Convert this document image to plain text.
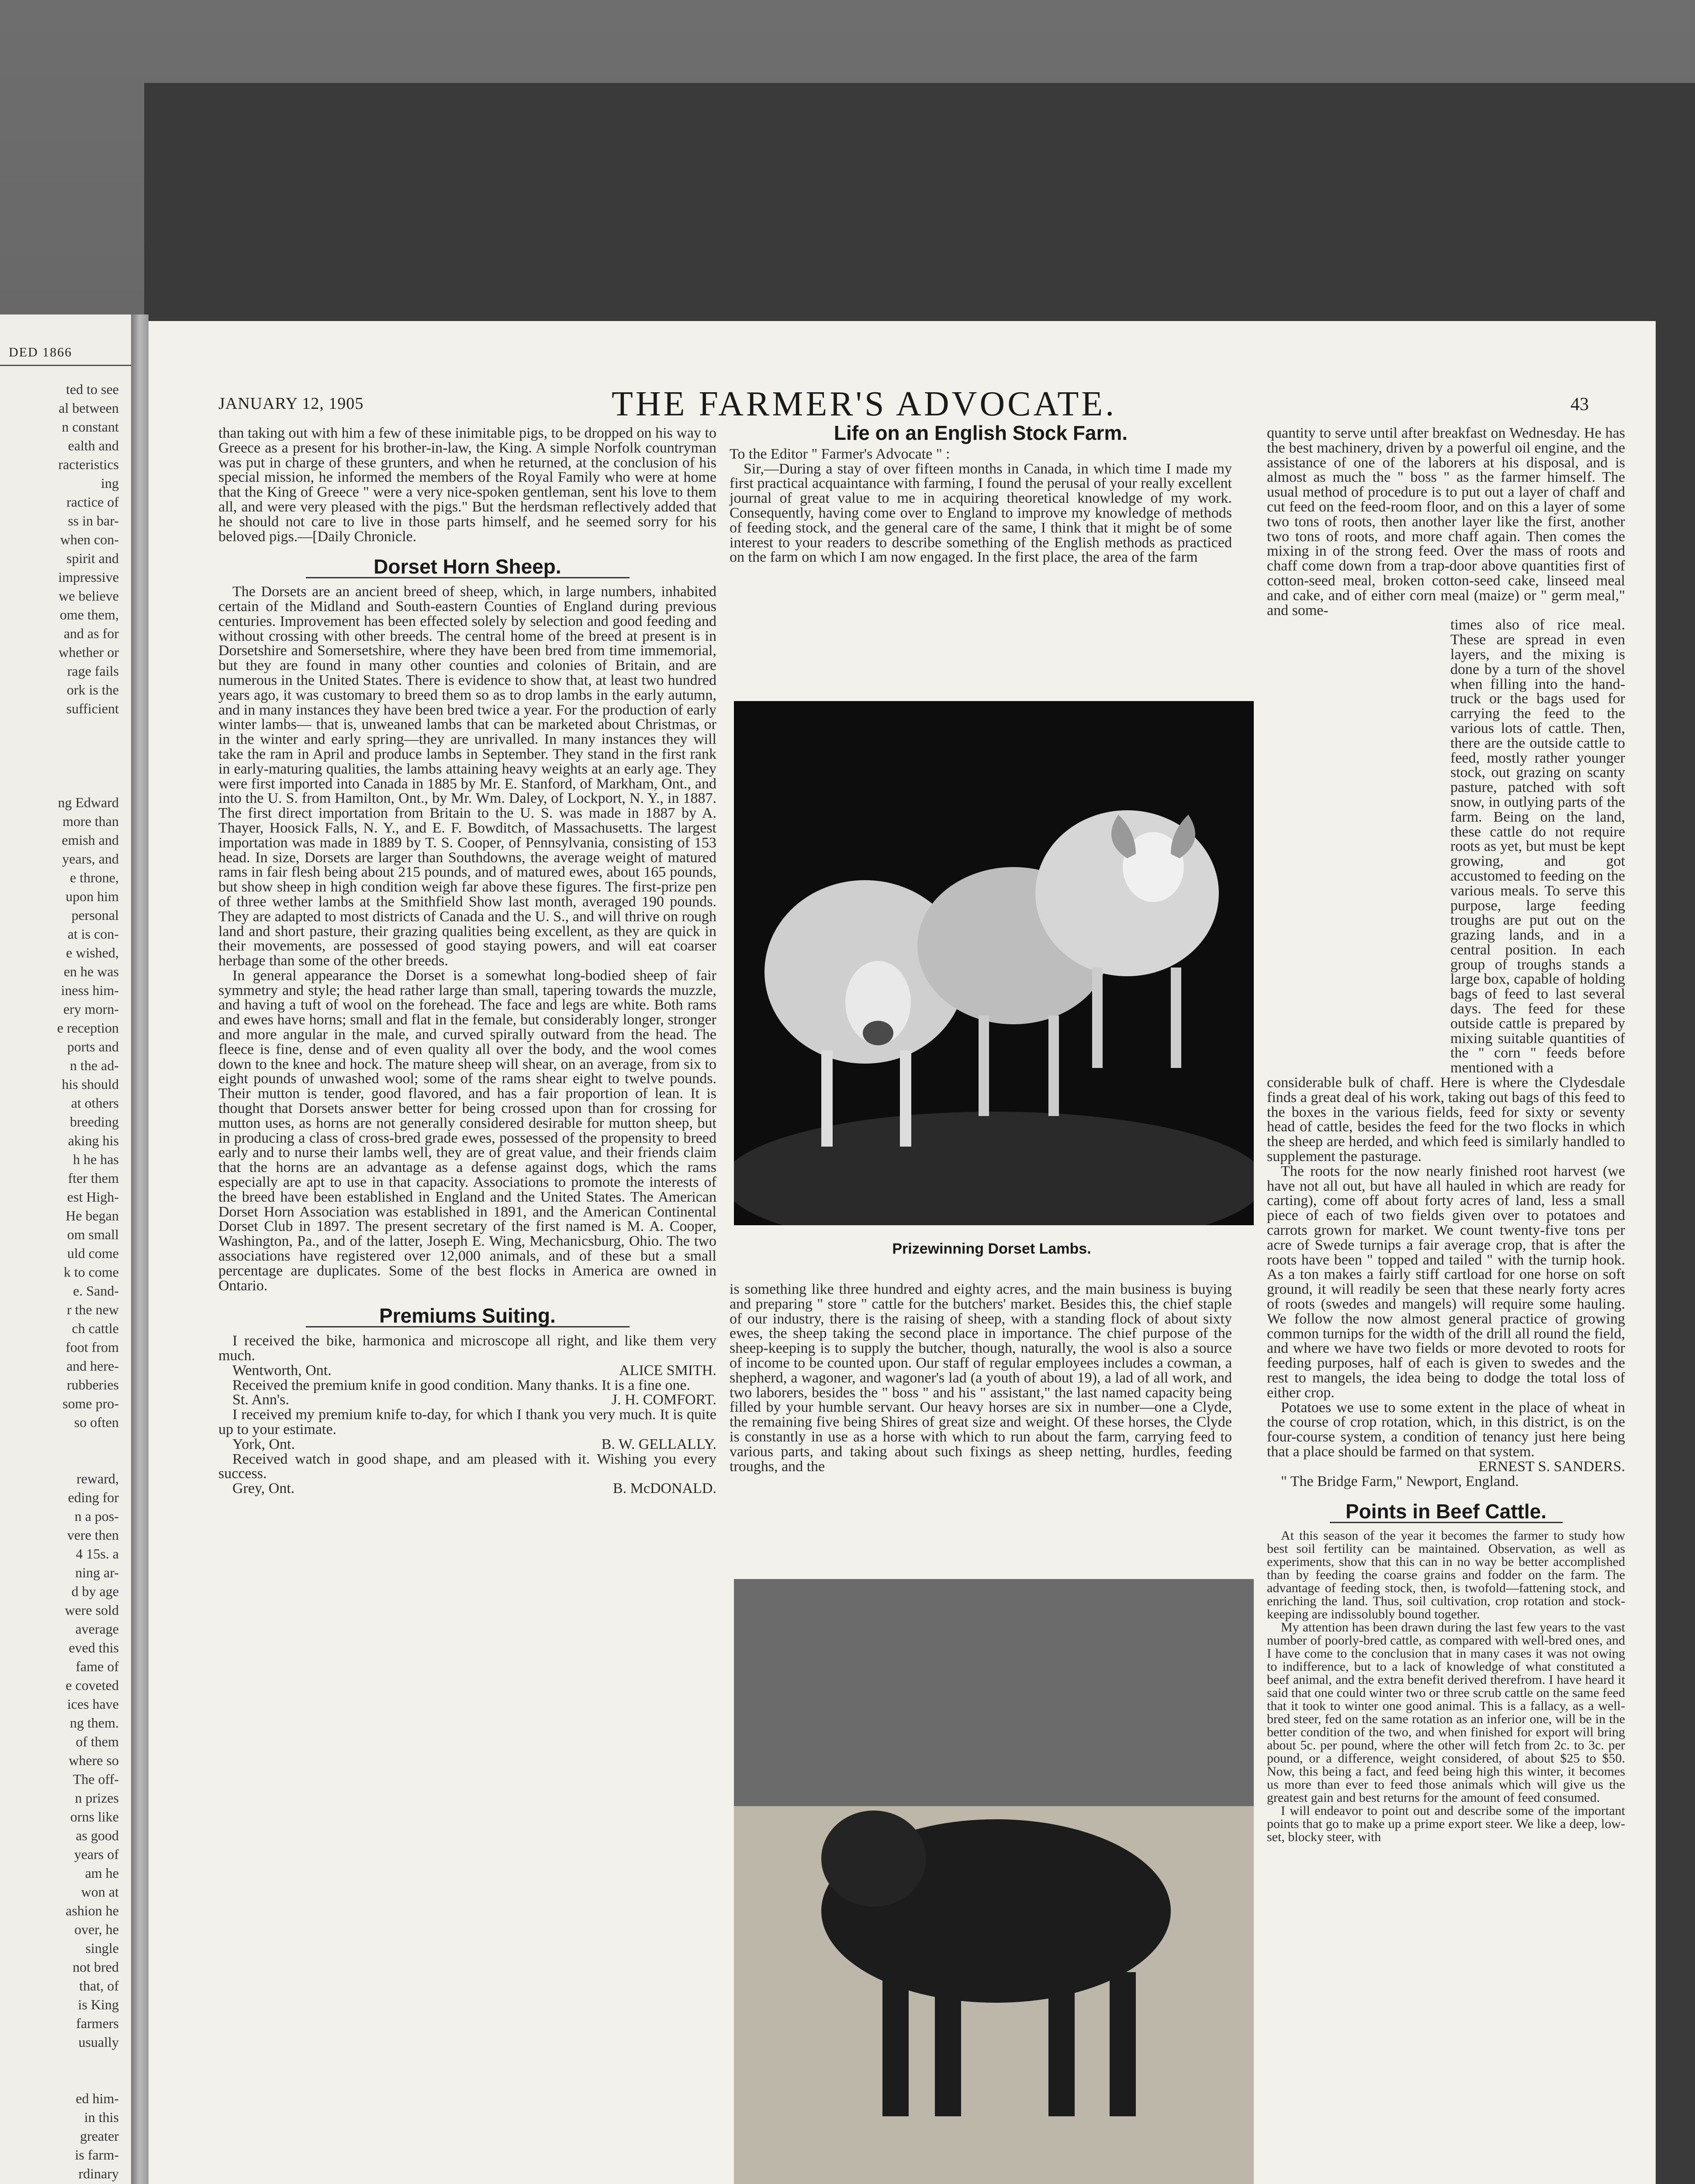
DED 1866
ted to see
al between
n constant
ealth and
racteristics
ing
ractice of
ss in bar-
when con-
spirit and
impressive
we believe
ome them,
and as for
whether or
rage fails
ork is the
sufficient

ng Edward
more than
emish and
years, and
e throne,
upon him
personal
at is con-
e wished,
en he was
iness him-
ery morn-
e reception
ports and
n the ad-
his should
at others
breeding
aking his
h he has
fter them
est High-
He began
om small
uld come
k to come
e. Sand-
r the new
ch cattle
foot from
and here-
rubberies
some pro-
so often

reward,
eding for
n a pos-
vere then
4 15s. a
ning ar-
d by age
were sold
average
eved this
fame of
e coveted
ices have
ng them.
of them
where so
The off-
n prizes
orns like
as good
years of
am he
won at
ashion he
over, he
single
not bred
that, of
is King
farmers
usually

ed him-
in this
greater
is farm-
rdinary

JANUARY 12, 1905	THE FARMER'S ADVOCATE.	43

than taking out with him a few of these inimitable pigs, to be dropped on his way to Greece as a present for his brother-in-law, the King. A simple Norfolk countryman was put in charge of these grunters, and when he returned, at the conclusion of his special mission, he informed the members of the Royal Family who were at home that the King of Greece " were a very nice-spoken gentleman, sent his love to them all, and were very pleased with the pigs." But the herdsman reflectively added that he should not care to live in those parts himself, and he seemed sorry for his beloved pigs.—[Daily Chronicle.

Dorset Horn Sheep.

The Dorsets are an ancient breed of sheep, which, in large numbers, inhabited certain of the Midland and South-eastern Counties of England during previous centuries. Improvement has been effected solely by selection and good feeding and without crossing with other breeds. The central home of the breed at present is in Dorsetshire and Somersetshire, where they have been bred from time immemorial, but they are found in many other counties and colonies of Britain, and are numerous in the United States. There is evidence to show that, at least two hundred years ago, it was customary to breed them so as to drop lambs in the early autumn, and in many instances they have been bred twice a year. For the production of early winter lambs— that is, unweaned lambs that can be marketed about Christmas, or in the winter and early spring—they are unrivalled. In many instances they will take the ram in April and produce lambs in September. They stand in the first rank in early-maturing qualities, the lambs attaining heavy weights at an early age. They were first imported into Canada in 1885 by Mr. E. Stanford, of Markham, Ont., and into the U. S. from Hamilton, Ont., by Mr. Wm. Daley, of Lockport, N. Y., in 1887. The first direct importation from Britain to the U. S. was made in 1887 by A. Thayer, Hoosick Falls, N. Y., and E. F. Bowditch, of Massachusetts. The largest importation was made in 1889 by T. S. Cooper, of Pennsylvania, consisting of 153 head. In size, Dorsets are larger than Southdowns, the average weight of matured rams in fair flesh being about 215 pounds, and of matured ewes, about 165 pounds, but show sheep in high condition weigh far above these figures. The first-prize pen of three wether lambs at the Smithfield Show last month, averaged 190 pounds. They are adapted to most districts of Canada and the U. S., and will thrive on rough land and short pasture, their grazing qualities being excellent, as they are quick in their movements, are possessed of good staying powers, and will eat coarser herbage than some of the other breeds.

In general appearance the Dorset is a somewhat long-bodied sheep of fair symmetry and style; the head rather large than small, tapering towards the muzzle, and having a tuft of wool on the forehead. The face and legs are white. Both rams and ewes have horns; small and flat in the female, but considerably longer, stronger and more angular in the male, and curved spirally outward from the head. The fleece is fine, dense and of even quality all over the body, and the wool comes down to the knee and hock. The mature sheep will shear, on an average, from six to eight pounds of unwashed wool; some of the rams shear eight to twelve pounds. Their mutton is tender, good flavored, and has a fair proportion of lean. It is thought that Dorsets answer better for being crossed upon than for crossing for mutton uses, as horns are not generally considered desirable for mutton sheep, but in producing a class of cross-bred grade ewes, possessed of the propensity to breed early and to nurse their lambs well, they are of great value, and their friends claim that the horns are an advantage as a defense against dogs, which the rams especially are apt to use in that capacity. Associations to promote the interests of the breed have been established in England and the United States. The American Dorset Horn Association was established in 1891, and the American Continental Dorset Club in 1897. The present secretary of the first named is M. A. Cooper, Washington, Pa., and of the latter, Joseph E. Wing, Mechanicsburg, Ohio. The two associations have registered over 12,000 animals, and of these but a small percentage are duplicates. Some of the best flocks in America are owned in Ontario.

Premiums Suiting.

I received the bike, harmonica and microscope all right, and like them very much.

Wentworth, Ont.	ALICE SMITH.

Received the premium knife in good condition. Many thanks. It is a fine one.

St. Ann's.	J. H. COMFORT.

I received my premium knife to-day, for which I thank you very much. It is quite up to your estimate.

York, Ont.	B. W. GELLALLY.

Received watch in good shape, and am pleased with it. Wishing you every success.

Grey, Ont.	B. McDONALD.

Life on an English Stock Farm.

To the Editor " Farmer's Advocate " :

Sir,—During a stay of over fifteen months in Canada, in which time I made my first practical acquaintance with farming, I found the perusal of your really excellent journal of great value to me in acquiring theoretical knowledge of my work. Consequently, having come over to England to improve my knowledge of methods of feeding stock, and the general care of the same, I think that it might be of some interest to your readers to describe something of the English methods as practiced on the farm on which I am now engaged. In the first place, the area of the farm

Prizewinning Dorset Lambs.

is something like three hundred and eighty acres, and the main business is buying and preparing " store " cattle for the butchers' market. Besides this, the chief staple of our industry, there is the raising of sheep, with a standing flock of about sixty ewes, the sheep taking the second place in importance. The chief purpose of the sheep-keeping is to supply the butcher, though, naturally, the wool is also a source of income to be counted upon. Our staff of regular employees includes a cowman, a shepherd, a wagoner, and wagoner's lad (a youth of about 19), a lad of all work, and two laborers, besides the " boss " and his " assistant," the last named capacity being filled by your humble servant. Our heavy horses are six in number—one a Clyde, the remaining five being Shires of great size and weight. Of these horses, the Clyde is constantly in use as a horse with which to run about the farm, carrying feed to various parts, and taking about such fixings as sheep netting, hurdles, feeding troughs, and the

quantity to serve until after breakfast on Wednesday. He has the best machinery, driven by a powerful oil engine, and the assistance of one of the laborers at his disposal, and is almost as much the " boss " as the farmer himself. The usual method of procedure is to put out a layer of chaff and cut feed on the feed-room floor, and on this a layer of some two tons of roots, then another layer like the first, another two tons of roots, and more chaff again. Then comes the mixing in of the strong feed. Over the mass of roots and chaff come down from a trap-door above quantities first of cotton-seed meal, broken cotton-seed cake, linseed meal and cake, and of either corn meal (maize) or " germ meal," and some-

times also of rice meal. These are spread in even layers, and the mixing is done by a turn of the shovel when filling into the hand-truck or the bags used for carrying the feed to the various lots of cattle. Then, there are the outside cattle to feed, mostly rather younger stock, out grazing on scanty pasture, patched with soft snow, in outlying parts of the farm. Being on the land, these cattle do not require roots as yet, but must be kept growing, and got accustomed to feeding on the various meals. To serve this purpose, large feeding troughs are put out on the grazing lands, and in a central position. In each group of troughs stands a large box, capable of holding bags of feed to last several days. The feed for these outside cattle is prepared by mixing suitable quantities of the " corn " feeds before mentioned with a

considerable bulk of chaff. Here is where the Clydesdale finds a great deal of his work, taking out bags of this feed to the boxes in the various fields, feed for sixty or seventy head of cattle, besides the feed for the two flocks in which the sheep are herded, and which feed is similarly handled to supplement the pasturage.

The roots for the now nearly finished root harvest (we have not all out, but have all hauled in which are ready for carting), come off about forty acres of land, less a small piece of each of two fields given over to potatoes and carrots grown for market. We count twenty-five tons per acre of Swede turnips a fair average crop, that is after the roots have been " topped and tailed " with the turnip hook. As a ton makes a fairly stiff cartload for one horse on soft ground, it will readily be seen that these nearly forty acres of roots (swedes and mangels) will require some hauling. We follow the now almost general practice of growing common turnips for the width of the drill all round the field, and where we have two fields or more devoted to roots for feeding purposes, half of each is given to swedes and the rest to mangels, the idea being to dodge the total loss of either crop.

Potatoes we use to some extent in the place of wheat in the course of crop rotation, which, in this district, is on the four-course system, a condition of tenancy just here being that a place should be farmed on that system.

ERNEST S. SANDERS.

" The Bridge Farm," Newport, England.

Points in Beef Cattle.

At this season of the year it becomes the farmer to study how best soil fertility can be maintained. Observation, as well as experiments, show that this can in no way be better accomplished than by feeding the coarse grains and fodder on the farm. The advantage of feeding stock, then, is twofold—fattening stock, and enriching the land. Thus, soil cultivation, crop rotation and stock-keeping are indissolubly bound together.

My attention has been drawn during the last few years to the vast number of poorly-bred cattle, as compared with well-bred ones, and I have come to the conclusion that in many cases it was not owing to indifference, but to a lack of knowledge of what constituted a beef animal, and the extra benefit derived therefrom. I have heard it said that one could winter two or three scrub cattle on the same feed that it took to winter one good animal. This is a fallacy, as a well-bred steer, fed on the same rotation as an inferior one, will be in the better condition of the two, and when finished for export will bring about 5c. per pound, where the other will fetch from 2c. to 3c. per pound, or a difference, weight considered, of about $25 to $50. Now, this being a fact, and feed being high this winter, it becomes us more than ever to feed those animals which will give us the greatest gain and best returns for the amount of feed consumed.

I will endeavor to point out and describe some of the important points that go to make up a prime export steer. We like a deep, low-set, blocky steer, with
